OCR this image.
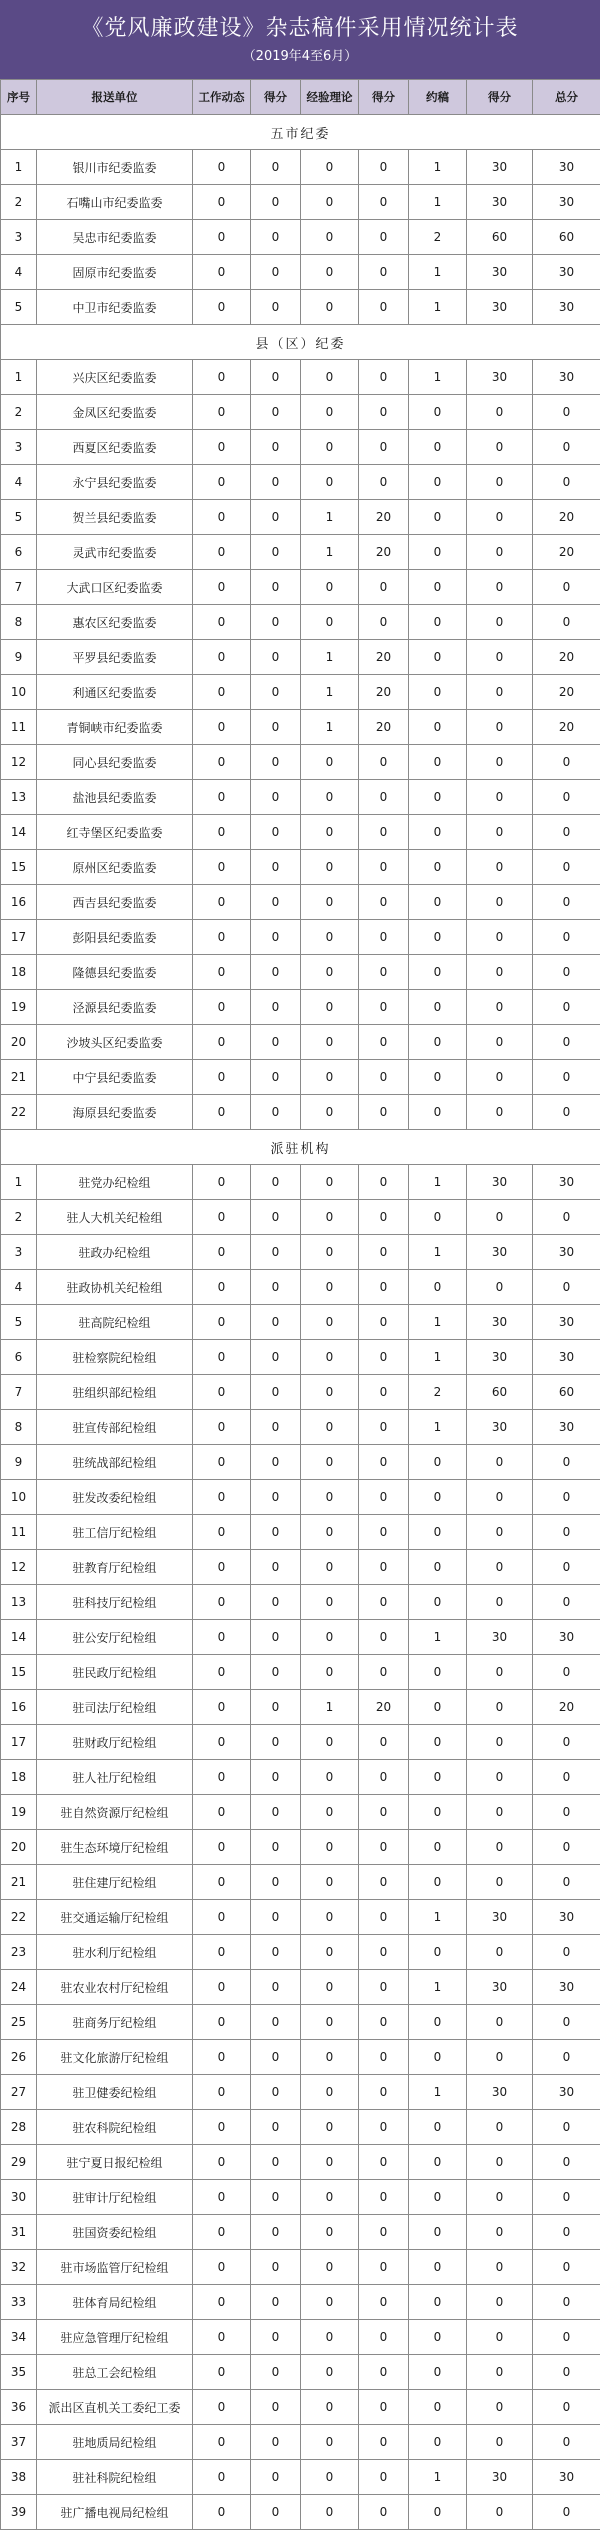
《党风廉政建设》杂志稿件采用情况统计表
（2019年4至6月）
序号	报送单位	工作动态	得分	经验理论	得分	约稿	得分	总分
五市纪委								
1	银川市纪委监委	0	0	0	0	1	30	30
2	石嘴山市纪委监委	0	0	0	0	1	30	30
3	吴忠市纪委监委	0	0	0	0	2	60	60
4	固原市纪委监委	0	0	0	0	1	30	30
5	中卫市纪委监委	0	0	0	0	1	30	30
县（区）纪委								
1	兴庆区纪委监委	0	0	0	0	1	30	30
2	金凤区纪委监委	0	0	0	0	0	0	0
3	西夏区纪委监委	0	0	0	0	0	0	0
4	永宁县纪委监委	0	0	0	0	0	0	0
5	贺兰县纪委监委	0	0	1	20	0	0	20
6	灵武市纪委监委	0	0	1	20	0	0	20
7	大武口区纪委监委	0	0	0	0	0	0	0
8	惠农区纪委监委	0	0	0	0	0	0	0
9	平罗县纪委监委	0	0	1	20	0	0	20
10	利通区纪委监委	0	0	1	20	0	0	20
11	青铜峡市纪委监委	0	0	1	20	0	0	20
12	同心县纪委监委	0	0	0	0	0	0	0
13	盐池县纪委监委	0	0	0	0	0	0	0
14	红寺堡区纪委监委	0	0	0	0	0	0	0
15	原州区纪委监委	0	0	0	0	0	0	0
16	西吉县纪委监委	0	0	0	0	0	0	0
17	彭阳县纪委监委	0	0	0	0	0	0	0
18	隆德县纪委监委	0	0	0	0	0	0	0
19	泾源县纪委监委	0	0	0	0	0	0	0
20	沙坡头区纪委监委	0	0	0	0	0	0	0
21	中宁县纪委监委	0	0	0	0	0	0	0
22	海原县纪委监委	0	0	0	0	0	0	0
派驻机构								
1	驻党办纪检组	0	0	0	0	1	30	30
2	驻人大机关纪检组	0	0	0	0	0	0	0
3	驻政办纪检组	0	0	0	0	1	30	30
4	驻政协机关纪检组	0	0	0	0	0	0	0
5	驻高院纪检组	0	0	0	0	1	30	30
6	驻检察院纪检组	0	0	0	0	1	30	30
7	驻组织部纪检组	0	0	0	0	2	60	60
8	驻宣传部纪检组	0	0	0	0	1	30	30
9	驻统战部纪检组	0	0	0	0	0	0	0
10	驻发改委纪检组	0	0	0	0	0	0	0
11	驻工信厅纪检组	0	0	0	0	0	0	0
12	驻教育厅纪检组	0	0	0	0	0	0	0
13	驻科技厅纪检组	0	0	0	0	0	0	0
14	驻公安厅纪检组	0	0	0	0	1	30	30
15	驻民政厅纪检组	0	0	0	0	0	0	0
16	驻司法厅纪检组	0	0	1	20	0	0	20
17	驻财政厅纪检组	0	0	0	0	0	0	0
18	驻人社厅纪检组	0	0	0	0	0	0	0
19	驻自然资源厅纪检组	0	0	0	0	0	0	0
20	驻生态环境厅纪检组	0	0	0	0	0	0	0
21	驻住建厅纪检组	0	0	0	0	0	0	0
22	驻交通运输厅纪检组	0	0	0	0	1	30	30
23	驻水利厅纪检组	0	0	0	0	0	0	0
24	驻农业农村厅纪检组	0	0	0	0	1	30	30
25	驻商务厅纪检组	0	0	0	0	0	0	0
26	驻文化旅游厅纪检组	0	0	0	0	0	0	0
27	驻卫健委纪检组	0	0	0	0	1	30	30
28	驻农科院纪检组	0	0	0	0	0	0	0
29	驻宁夏日报纪检组	0	0	0	0	0	0	0
30	驻审计厅纪检组	0	0	0	0	0	0	0
31	驻国资委纪检组	0	0	0	0	0	0	0
32	驻市场监管厅纪检组	0	0	0	0	0	0	0
33	驻体育局纪检组	0	0	0	0	0	0	0
34	驻应急管理厅纪检组	0	0	0	0	0	0	0
35	驻总工会纪检组	0	0	0	0	0	0	0
36	派出区直机关工委纪工委	0	0	0	0	0	0	0
37	驻地质局纪检组	0	0	0	0	0	0	0
38	驻社科院纪检组	0	0	0	0	1	30	30
39	驻广播电视局纪检组	0	0	0	0	0	0	0
